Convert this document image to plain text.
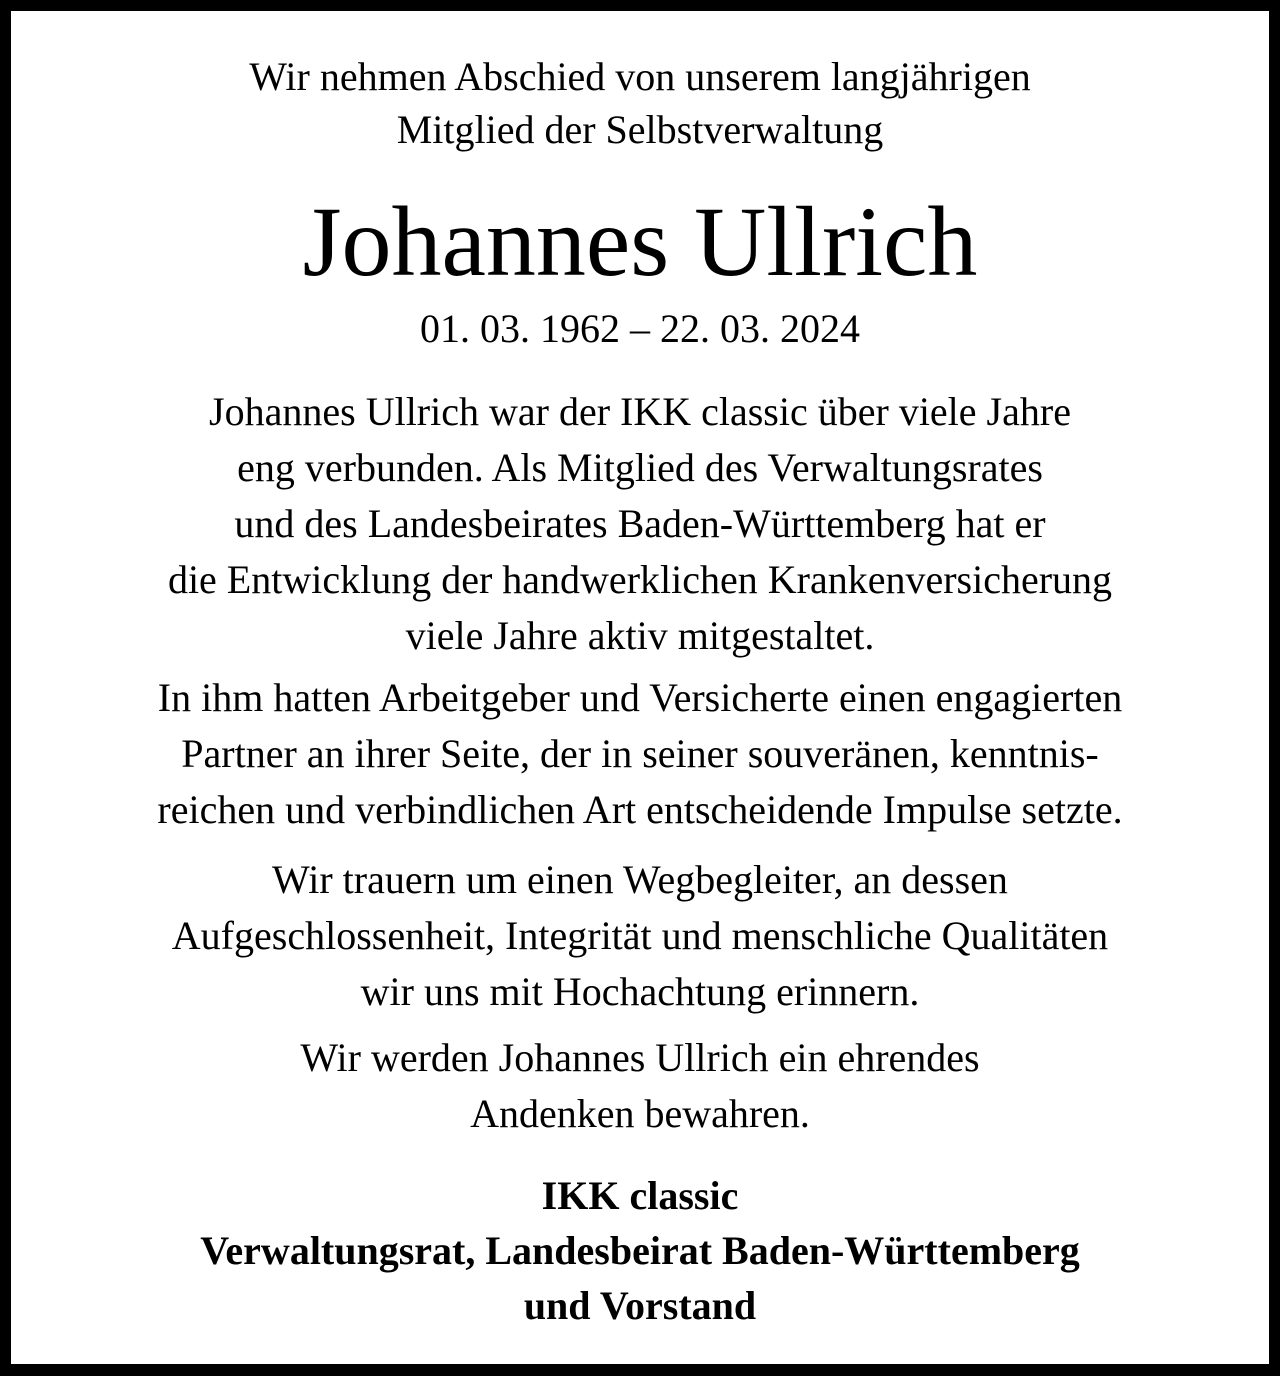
Wir nehmen Abschied von unserem langjährigen
Mitglied der Selbstverwaltung
Johannes Ullrich
01. 03. 1962 – 22. 03. 2024
Johannes Ullrich war der IKK classic über viele Jahre
eng verbunden. Als Mitglied des Verwaltungsrates
und des Landesbeirates Baden-Württemberg hat er
die Entwicklung der handwerklichen Krankenversicherung
viele Jahre aktiv mitgestaltet.
In ihm hatten Arbeitgeber und Versicherte einen engagierten
Partner an ihrer Seite, der in seiner souveränen, kenntnis-
reichen und verbindlichen Art entscheidende Impulse setzte.
Wir trauern um einen Wegbegleiter, an dessen
Aufgeschlossenheit, Integrität und menschliche Qualitäten
wir uns mit Hochachtung erinnern.
Wir werden Johannes Ullrich ein ehrendes
Andenken bewahren.
IKK classic
Verwaltungsrat, Landesbeirat Baden-Württemberg
und Vorstand
